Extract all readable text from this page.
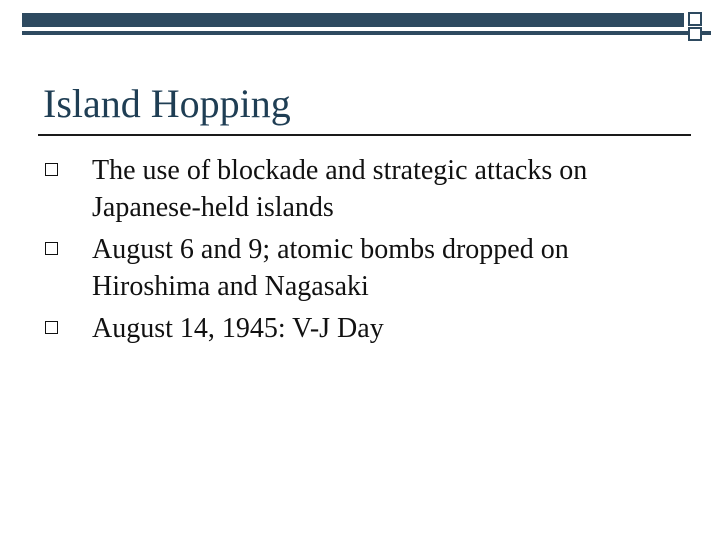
Island Hopping
The use of blockade and strategic attacks on Japanese-held islands
August 6 and 9; atomic bombs dropped on Hiroshima and Nagasaki
August 14, 1945: V-J Day
